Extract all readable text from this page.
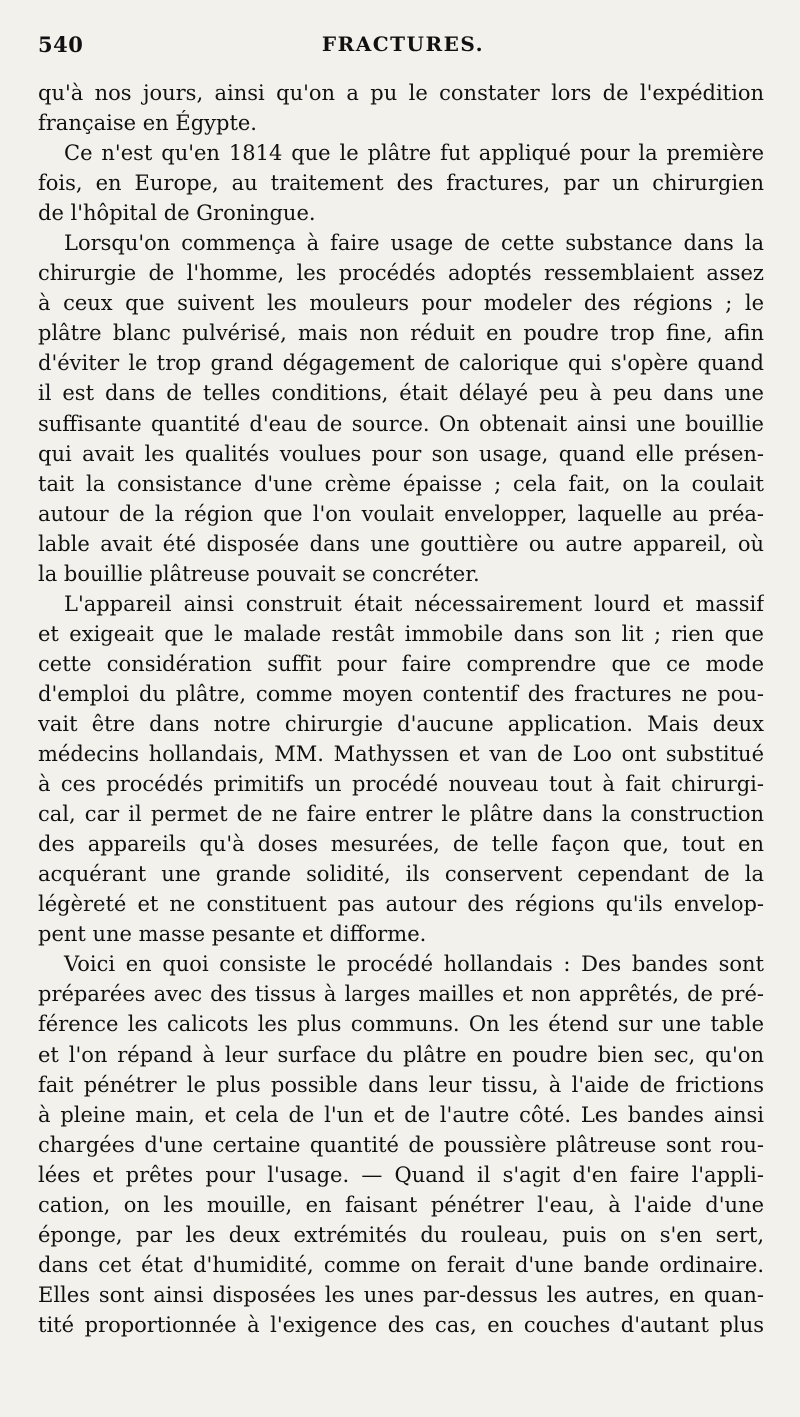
540	FRACTURES.
qu'à nos jours, ainsi qu'on a pu le constater lors de l'expédition
française en Égypte.
Ce n'est qu'en 1814 que le plâtre fut appliqué pour la première
fois, en Europe, au traitement des fractures, par un chirurgien
de l'hôpital de Groningue.
Lorsqu'on commença à faire usage de cette substance dans la
chirurgie de l'homme, les procédés adoptés ressemblaient assez
à ceux que suivent les mouleurs pour modeler des régions ; le
plâtre blanc pulvérisé, mais non réduit en poudre trop fine, afin
d'éviter le trop grand dégagement de calorique qui s'opère quand
il est dans de telles conditions, était délayé peu à peu dans une
suffisante quantité d'eau de source. On obtenait ainsi une bouillie
qui avait les qualités voulues pour son usage, quand elle présen-
tait la consistance d'une crème épaisse ; cela fait, on la coulait
autour de la région que l'on voulait envelopper, laquelle au préa-
lable avait été disposée dans une gouttière ou autre appareil, où
la bouillie plâtreuse pouvait se concréter.
L'appareil ainsi construit était nécessairement lourd et massif
et exigeait que le malade restât immobile dans son lit ; rien que
cette considération suffit pour faire comprendre que ce mode
d'emploi du plâtre, comme moyen contentif des fractures ne pou-
vait être dans notre chirurgie d'aucune application. Mais deux
médecins hollandais, MM. Mathyssen et van de Loo ont substitué
à ces procédés primitifs un procédé nouveau tout à fait chirurgi-
cal, car il permet de ne faire entrer le plâtre dans la construction
des appareils qu'à doses mesurées, de telle façon que, tout en
acquérant une grande solidité, ils conservent cependant de la
légèreté et ne constituent pas autour des régions qu'ils envelop-
pent une masse pesante et difforme.
Voici en quoi consiste le procédé hollandais : Des bandes sont
préparées avec des tissus à larges mailles et non apprêtés, de pré-
férence les calicots les plus communs. On les étend sur une table
et l'on répand à leur surface du plâtre en poudre bien sec, qu'on
fait pénétrer le plus possible dans leur tissu, à l'aide de frictions
à pleine main, et cela de l'un et de l'autre côté. Les bandes ainsi
chargées d'une certaine quantité de poussière plâtreuse sont rou-
lées et prêtes pour l'usage. — Quand il s'agit d'en faire l'appli-
cation, on les mouille, en faisant pénétrer l'eau, à l'aide d'une
éponge, par les deux extrémités du rouleau, puis on s'en sert,
dans cet état d'humidité, comme on ferait d'une bande ordinaire.
Elles sont ainsi disposées les unes par-dessus les autres, en quan-
tité proportionnée à l'exigence des cas, en couches d'autant plus
